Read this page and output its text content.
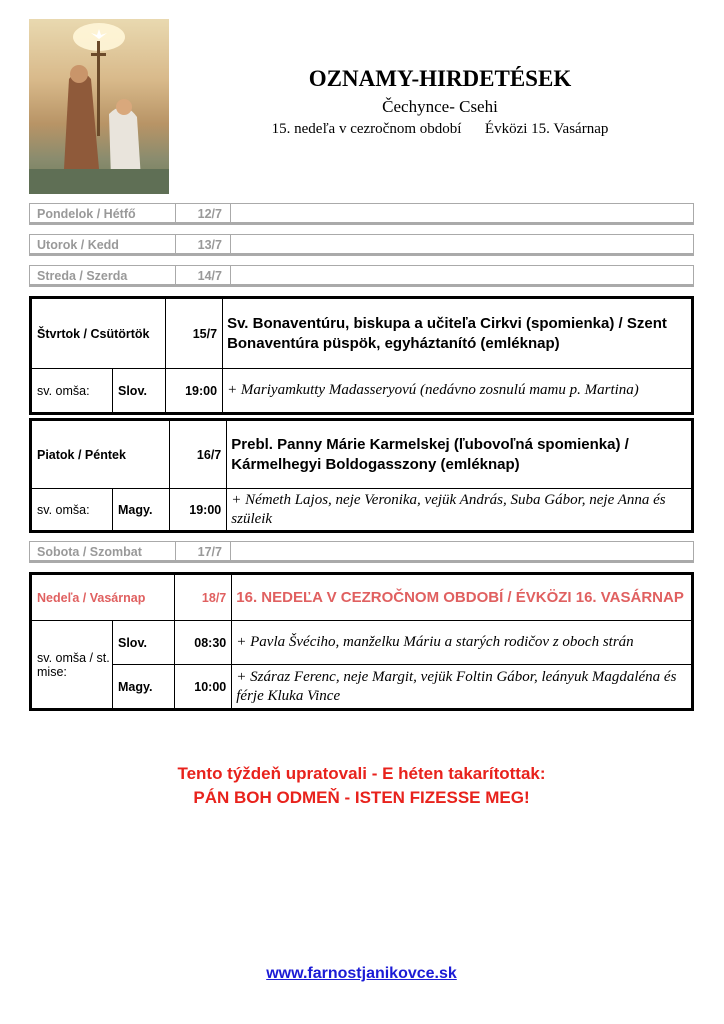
OZNAMY-HIRDETÉSEK
Čechynce- Csehi
15. nedeľa v cezročnom období Évközi 15. Vasárnap
Pondelok / Hétfő	12/7
Utorok / Kedd	13/7
Streda / Szerda	14/7
Štvrtok / Csütörtök		15/7	Sv. Bonaventúru, biskupa a učiteľa Cirkvi (spomienka) / Szent Bonaventúra püspök, egyháztanító (emléknap)
sv. omša:	Slov.	19:00	+ Mariyamkutty Madasseryovú (nedávno zosnulú mamu p. Martina)
Piatok / Péntek		16/7	Prebl. Panny Márie Karmelskej (ľubovoľná spomienka) / Kármelhegyi Boldogasszony (emléknap)
sv. omša:	Magy.	19:00	+ Németh Lajos, neje Veronika, vejük András, Suba Gábor, neje Anna és szüleik
Sobota / Szombat	17/7
Nedeľa / Vasárnap		18/7	16. NEDEĽA V CEZROČNOM OBDOBÍ / ÉVKÖZI 16. VASÁRNAP
sv. omša / st. mise:	Slov.	08:30	+ Pavla Švéciho, manželku Máriu a starých rodičov z oboch strán
	Magy.	10:00	+ Száraz Ferenc, neje Margit, vejük Foltin Gábor, leányuk Magdaléna és férje Kluka Vince
Tento týždeň upratovali - E héten takarítottak:
PÁN BOH ODMEŇ - ISTEN FIZESSE MEG!
www.farnostjanikovce.sk
